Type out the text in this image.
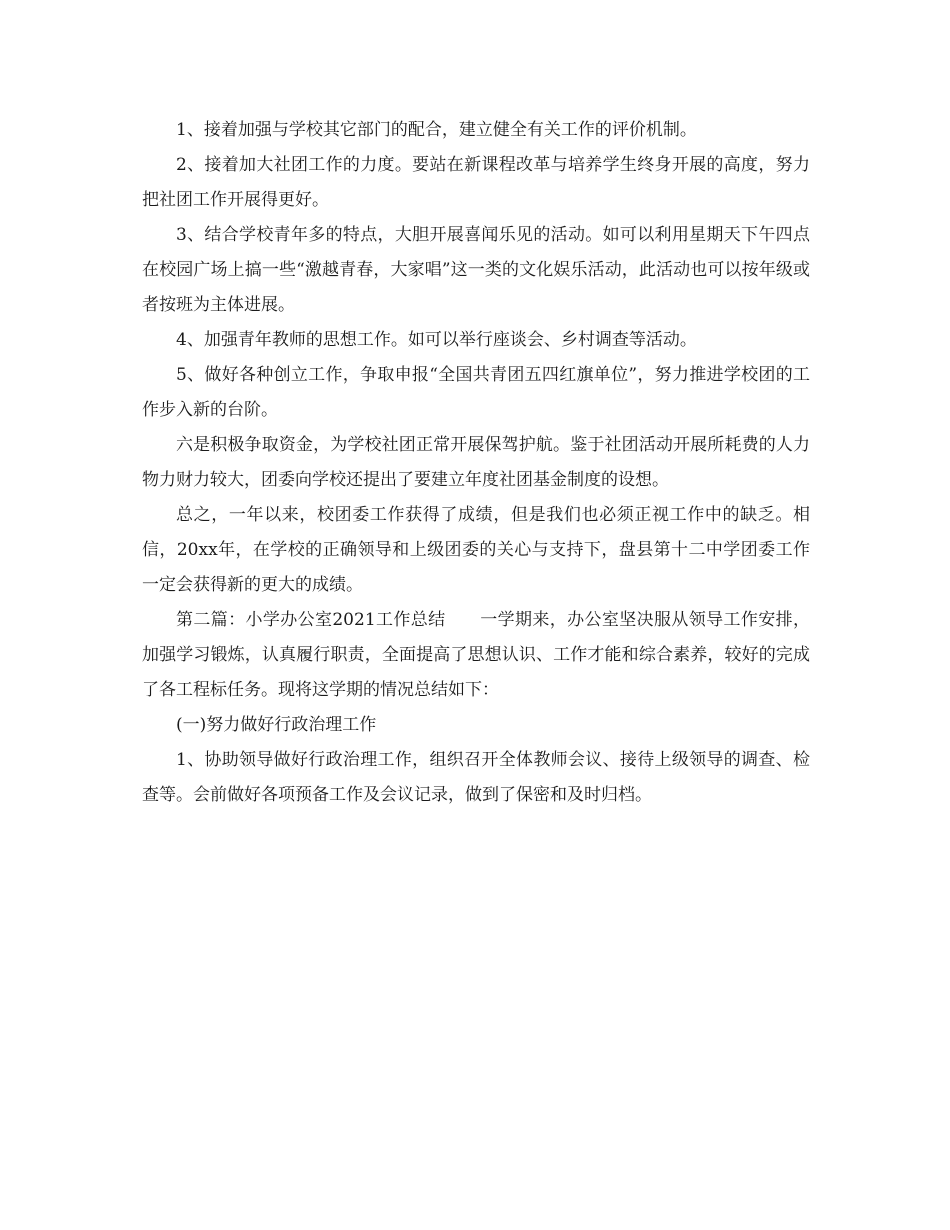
1、接着加强与学校其它部门的配合，建立健全有关工作的评价机制。

2、接着加大社团工作的力度。要站在新课程改革与培养学生终身开展的高度，努力把社团工作开展得更好。

3、结合学校青年多的特点，大胆开展喜闻乐见的活动。如可以利用星期天下午四点在校园广场上搞一些“激越青春，大家唱”这一类的文化娱乐活动，此活动也可以按年级或者按班为主体进展。

4、加强青年教师的思想工作。如可以举行座谈会、乡村调查等活动。

5、做好各种创立工作，争取申报“全国共青团五四红旗单位”，努力推进学校团的工作步入新的台阶。

六是积极争取资金，为学校社团正常开展保驾护航。鉴于社团活动开展所耗费的人力物力财力较大，团委向学校还提出了要建立年度社团基金制度的设想。

总之，一年以来，校团委工作获得了成绩，但是我们也必须正视工作中的缺乏。相信，20xx年，在学校的正确领导和上级团委的关心与支持下，盘县第十二中学团委工作一定会获得新的更大的成绩。

第二篇：小学办公室2021工作总结　　一学期来，办公室坚决服从领导工作安排，加强学习锻炼，认真履行职责，全面提高了思想认识、工作才能和综合素养，较好的完成了各工程标任务。现将这学期的情况总结如下：

(一)努力做好行政治理工作

1、协助领导做好行政治理工作，组织召开全体教师会议、接待上级领导的调查、检查等。会前做好各项预备工作及会议记录，做到了保密和及时归档。
